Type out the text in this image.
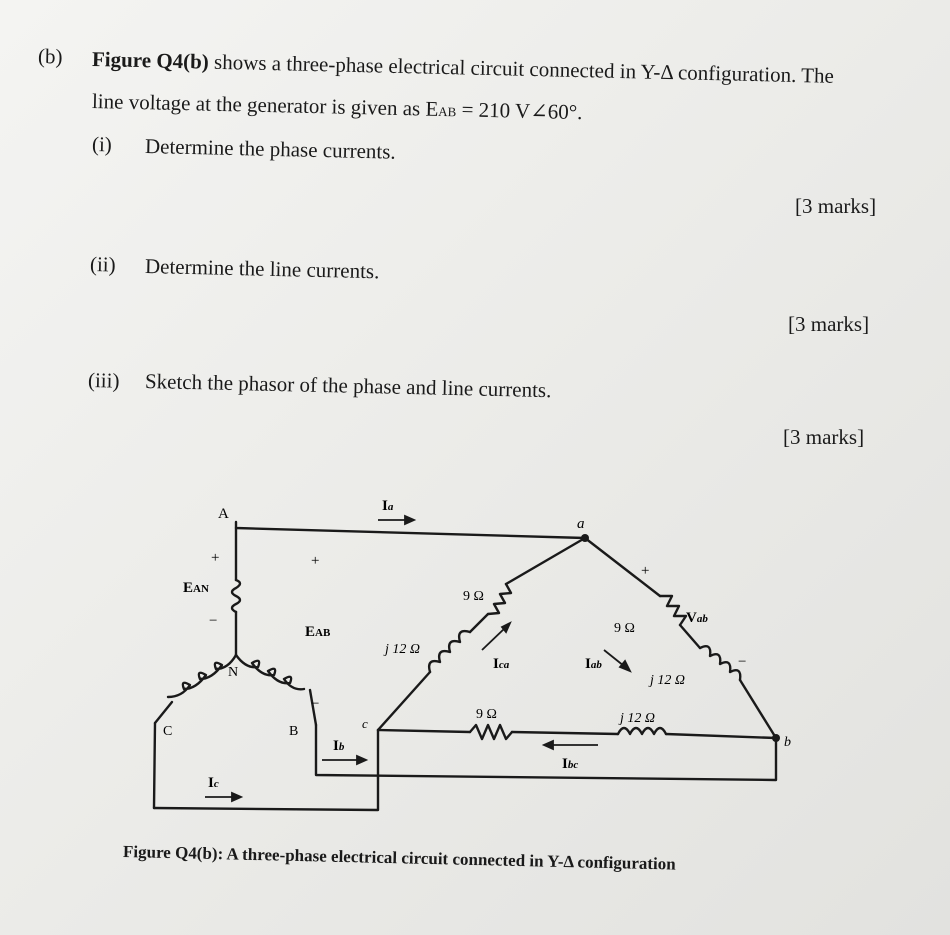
(b) Figure Q4(b) shows a three-phase electrical circuit connected in Y-Δ configuration. The
line voltage at the generator is given as EAB = 210 V∠60°.
(i) Determine the phase currents.
[3 marks]
(ii) Determine the line currents.
[3 marks]
(iii) Sketch the phasor of the phase and line currents.
[3 marks]
A
a
N
B
C
c
b
+
−
+
−
+
−
EAN
EAB
Ia
Ib
Ic
Ica	Iab
Ibc
Vab
9 Ω
j 12 Ω
9 Ω
j 12 Ω
9 Ω	j 12 Ω
Figure Q4(b): A three-phase electrical circuit connected in Y-Δ configuration
